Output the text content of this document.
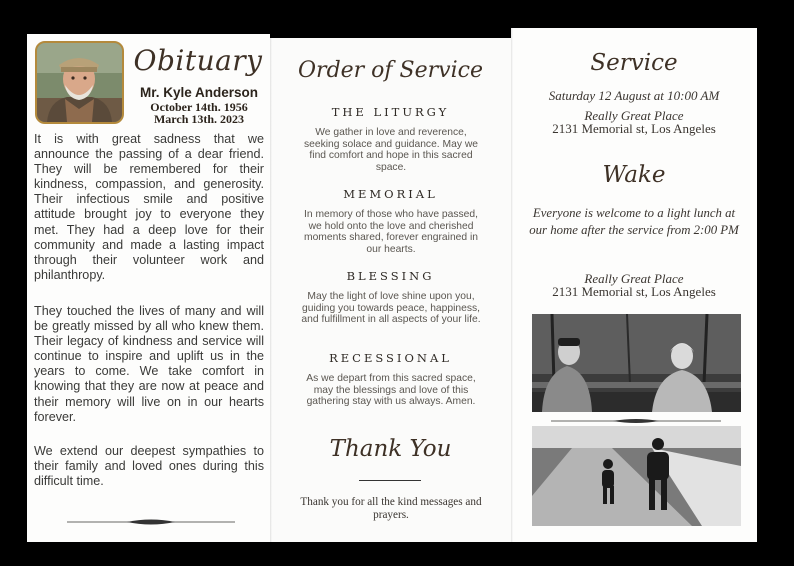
Obituary
Mr. Kyle Anderson
October 14th. 1956
March 13th. 2023

It is with great sadness that we announce the passing of a dear friend. They will be remembered for their kindness, compassion, and generosity. Their infectious smile and positive attitude brought joy to everyone they met. They had a deep love for their community and made a lasting impact through their volunteer work and philanthropy.

They touched the lives of many and will be greatly missed by all who knew them. Their legacy of kindness and service will continue to inspire and uplift us in the years to come. We take comfort in knowing that they are now at peace and their memory will live on in our hearts forever.

We extend our deepest sympathies to their family and loved ones during this difficult time.

Order of Service
THE LITURGY

We gather in love and reverence, seeking solace and guidance. May we find comfort and hope in this sacred space.

MEMORIAL

In memory of those who have passed, we hold onto the love and cherished moments shared, forever engrained in our hearts.

BLESSING

May the light of love shine upon you, guiding you towards peace, happiness, and fulfillment in all aspects of your life.

RECESSIONAL

As we depart from this sacred space, may the blessings and love of this gathering stay with us always. Amen.

Thank You

Thank you for all the kind messages and prayers.

Service
Saturday 12 August at 10:00 AM
Really Great Place
2131 Memorial st, Los Angeles
Wake

Everyone is welcome to a light lunch at our home after the service from 2:00 PM

Really Great Place
2131 Memorial st, Los Angeles
